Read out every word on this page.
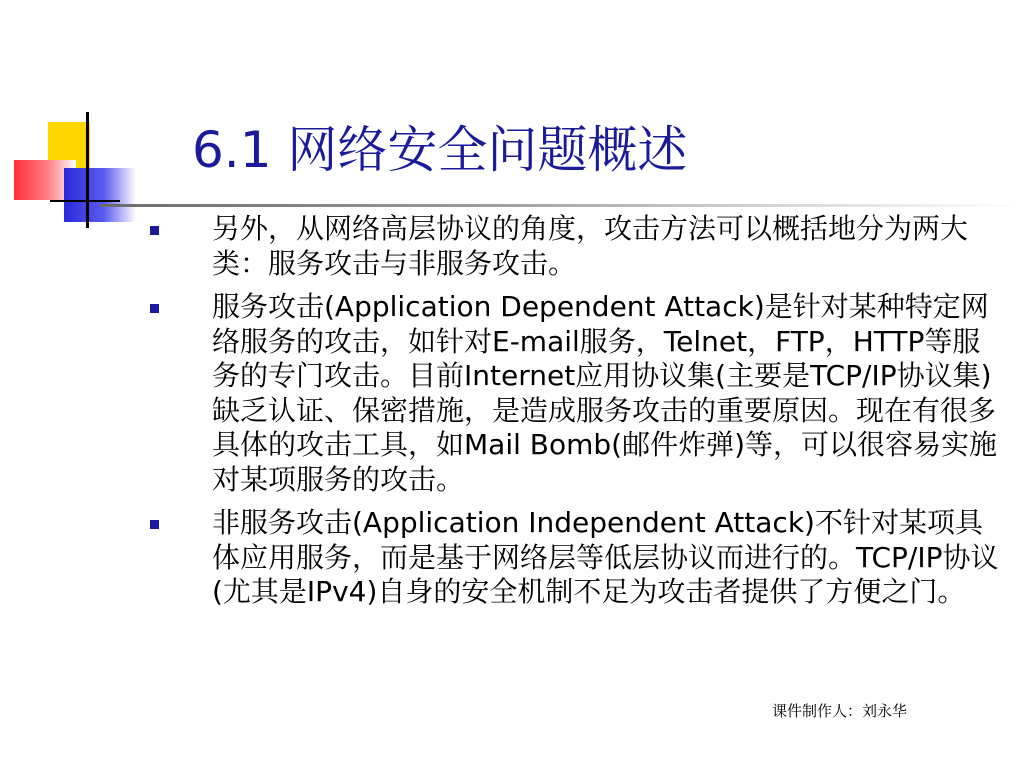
6.1 网络安全问题概述
另外，从网络高层协议的角度，攻击方法可以概括地分为两大类：服务攻击与非服务攻击。
服务攻击(Application Dependent Attack)是针对某种特定网络服务的攻击，如针对E-mail服务，Telnet，FTP，HTTP等服务的专门攻击。目前Internet应用协议集(主要是TCP/IP协议集)缺乏认证、保密措施，是造成服务攻击的重要原因。现在有很多具体的攻击工具，如Mail Bomb(邮件炸弹)等，可以很容易实施对某项服务的攻击。
非服务攻击(Application Independent Attack)不针对某项具体应用服务，而是基于网络层等低层协议而进行的。TCP/IP协议(尤其是IPv4)自身的安全机制不足为攻击者提供了方便之门。
课件制作人：刘永华
